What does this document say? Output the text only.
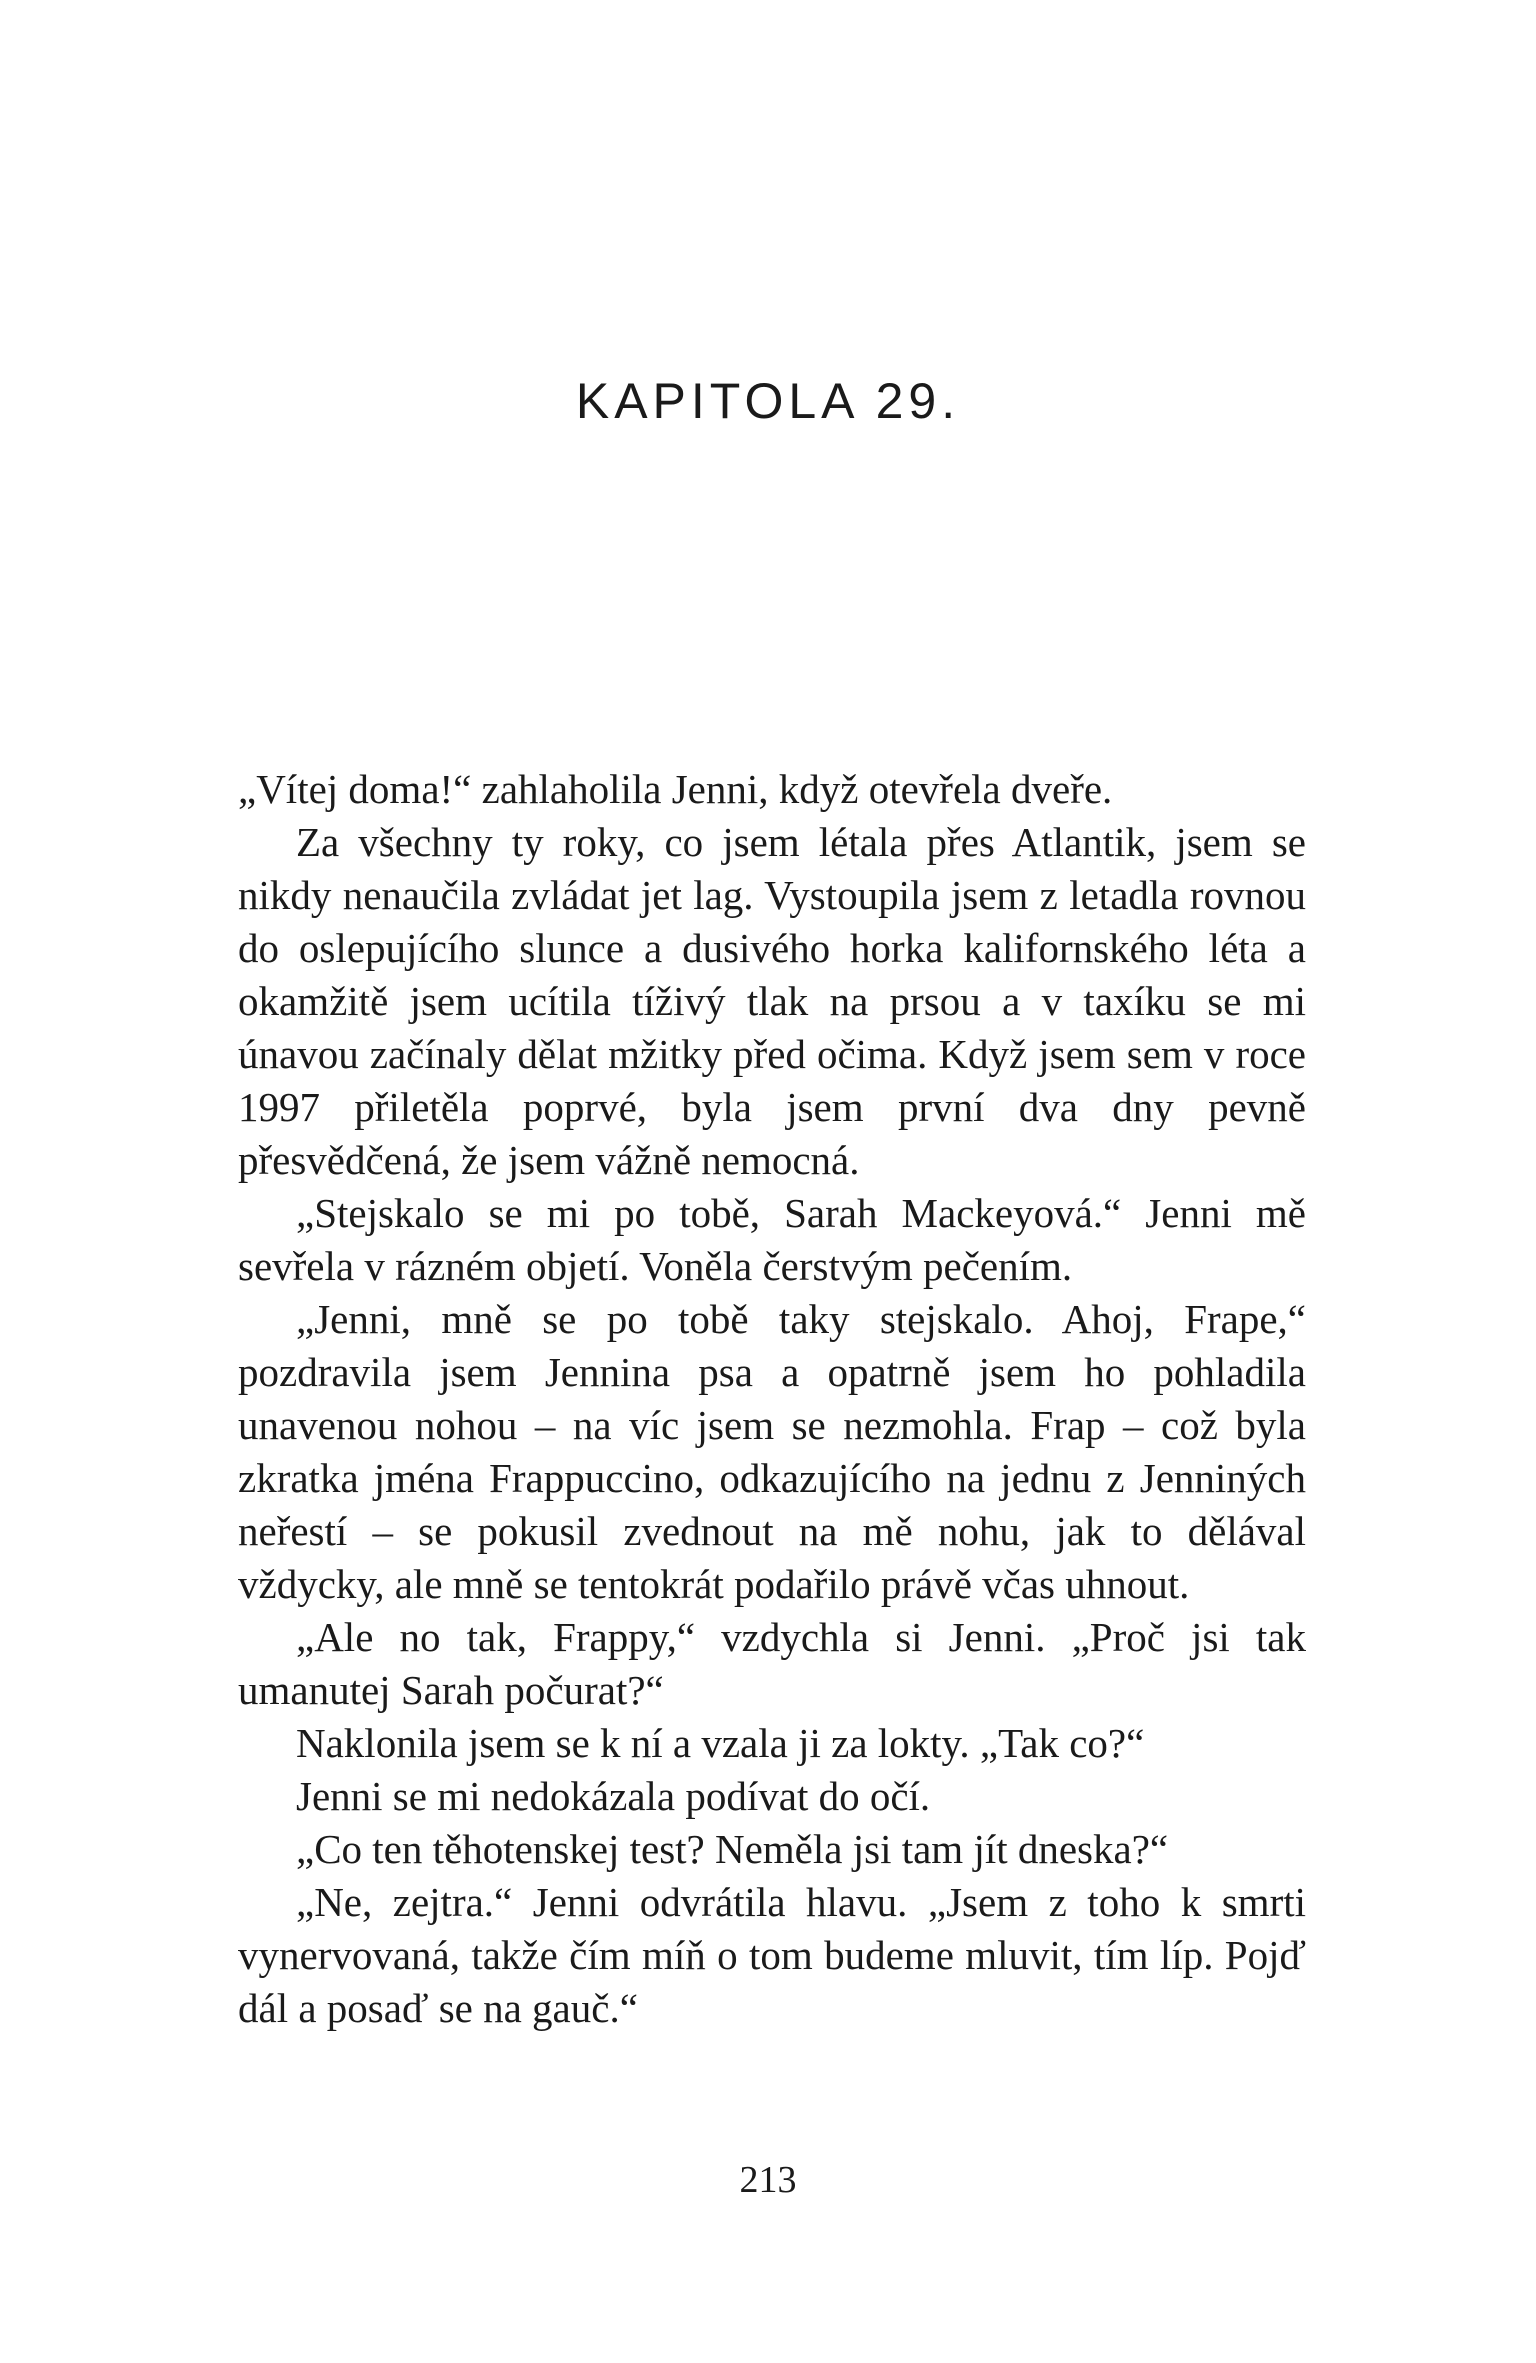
KAPITOLA 29.

„Vítej doma!“ zahlaholila Jenni, když otevřela dveře.

Za všechny ty roky, co jsem létala přes Atlantik, jsem se nikdy nenaučila zvládat jet lag. Vystoupila jsem z letadla rovnou do oslepujícího slunce a dusivého horka kalifornského léta a okamžitě jsem ucítila tíživý tlak na prsou a v taxíku se mi únavou začínaly dělat mžitky před očima. Když jsem sem v roce 1997 přiletěla poprvé, byla jsem první dva dny pevně přesvědčená, že jsem vážně nemocná.

„Stejskalo se mi po tobě, Sarah Mackeyová.“ Jenni mě sevřela v rázném objetí. Voněla čerstvým pečením.

„Jenni, mně se po tobě taky stejskalo. Ahoj, Frape,“ pozdravila jsem Jennina psa a opatrně jsem ho pohladila unavenou nohou – na víc jsem se nezmohla. Frap – což byla zkratka jména Frappuccino, odkazujícího na jednu z Jenniných neřestí – se pokusil zvednout na mě nohu, jak to dělával vždycky, ale mně se tentokrát podařilo právě včas uhnout.

„Ale no tak, Frappy,“ vzdychla si Jenni. „Proč jsi tak umanutej Sarah počurat?“

Naklonila jsem se k ní a vzala ji za lokty. „Tak co?“

Jenni se mi nedokázala podívat do očí.

„Co ten těhotenskej test? Neměla jsi tam jít dneska?“

„Ne, zejtra.“ Jenni odvrátila hlavu. „Jsem z toho k smrti vynervovaná, takže čím míň o tom budeme mluvit, tím líp. Pojď dál a posaď se na gauč.“

213
